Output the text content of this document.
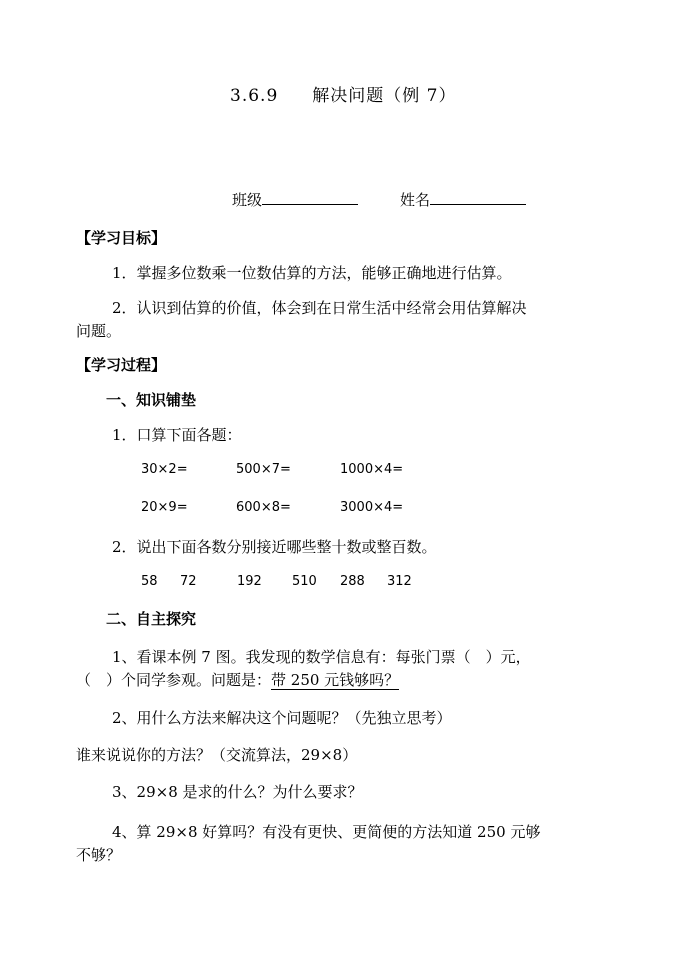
3.6.9 解决问题（例 7）
班级	姓名
【学习目标】
1．掌握多位数乘一位数估算的方法，能够正确地进行估算。
2．认识到估算的价值，体会到在日常生活中经常会用估算解决
问题。
【学习过程】
一、知识铺垫
1．口算下面各题：
30×2=	500×7=	1000×4=
20×9=	600×8=	3000×4=
2．说出下面各数分别接近哪些整十数或整百数。
58 72	192 510 288 312
二、自主探究
1、看课本例 7 图。我发现的数学信息有：每张门票（　）元，
（　）个同学参观。问题是：带 250 元钱够吗？
2、用什么方法来解决这个问题呢？（先独立思考）
谁来说说你的方法？（交流算法，29×8）
3、29×8 是求的什么？为什么要求？
4、算 29×8 好算吗？有没有更快、更简便的方法知道 250 元够
不够？
